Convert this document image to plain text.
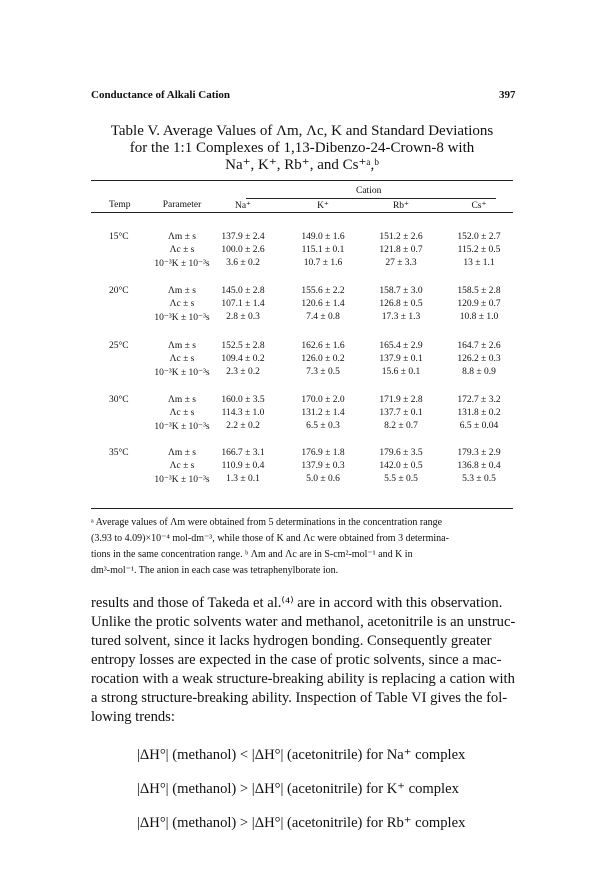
Conductance of Alkali Cation	397
Table V. Average Values of Λm, Λc, K and Standard Deviations
for the 1:1 Complexes of 1,13-Dibenzo-24-Crown-8 with
Na⁺, K⁺, Rb⁺, and Cs⁺ᵃ,ᵇ
Cation
Temp	Parameter	Na⁺	K⁺	Rb⁺	Cs⁺
15°C	Λm ± s	137.9 ± 2.4	149.0 ± 1.6	151.2 ± 2.6	152.0 ± 2.7
Λc ± s	100.0 ± 2.6	115.1 ± 0.1	121.8 ± 0.7	115.2 ± 0.5
10⁻³K ± 10⁻³s	3.6 ± 0.2	10.7 ± 1.6	27 ± 3.3	13 ± 1.1
20°C	Λm ± s	145.0 ± 2.8	155.6 ± 2.2	158.7 ± 3.0	158.5 ± 2.8
Λc ± s	107.1 ± 1.4	120.6 ± 1.4	126.8 ± 0.5	120.9 ± 0.7
10⁻³K ± 10⁻³s	2.8 ± 0.3	7.4 ± 0.8	17.3 ± 1.3	10.8 ± 1.0
25°C	Λm ± s	152.5 ± 2.8	162.6 ± 1.6	165.4 ± 2.9	164.7 ± 2.6
Λc ± s	109.4 ± 0.2	126.0 ± 0.2	137.9 ± 0.1	126.2 ± 0.3
10⁻³K ± 10⁻³s	2.3 ± 0.2	7.3 ± 0.5	15.6 ± 0.1	8.8 ± 0.9
30°C	Λm ± s	160.0 ± 3.5	170.0 ± 2.0	171.9 ± 2.8	172.7 ± 3.2
Λc ± s	114.3 ± 1.0	131.2 ± 1.4	137.7 ± 0.1	131.8 ± 0.2
10⁻³K ± 10⁻³s	2.2 ± 0.2	6.5 ± 0.3	8.2 ± 0.7	6.5 ± 0.04
35°C	Λm ± s	166.7 ± 3.1	176.9 ± 1.8	179.6 ± 3.5	179.3 ± 2.9
Λc ± s	110.9 ± 0.4	137.9 ± 0.3	142.0 ± 0.5	136.8 ± 0.4
10⁻³K ± 10⁻³s	1.3 ± 0.1	5.0 ± 0.6	5.5 ± 0.5	5.3 ± 0.5
ᵃ Average values of Λm were obtained from 5 determinations in the concentration range
(3.93 to 4.09)×10⁻⁴ mol-dm⁻³, while those of K and Λc were obtained from 3 determina-
tions in the same concentration range. ᵇ Λm and Λc are in S-cm²-mol⁻¹ and K in
dm³-mol⁻¹. The anion in each case was tetraphenylborate ion.
results and those of Takeda et al.⁽⁴⁾ are in accord with this observation.
Unlike the protic solvents water and methanol, acetonitrile is an unstruc-
tured solvent, since it lacks hydrogen bonding. Consequently greater
entropy losses are expected in the case of protic solvents, since a mac-
rocation with a weak structure-breaking ability is replacing a cation with
a strong structure-breaking ability. Inspection of Table VI gives the fol-
lowing trends:
|ΔH°| (methanol) < |ΔH°| (acetonitrile) for Na⁺ complex
|ΔH°| (methanol) > |ΔH°| (acetonitrile) for K⁺ complex
|ΔH°| (methanol) > |ΔH°| (acetonitrile) for Rb⁺ complex
